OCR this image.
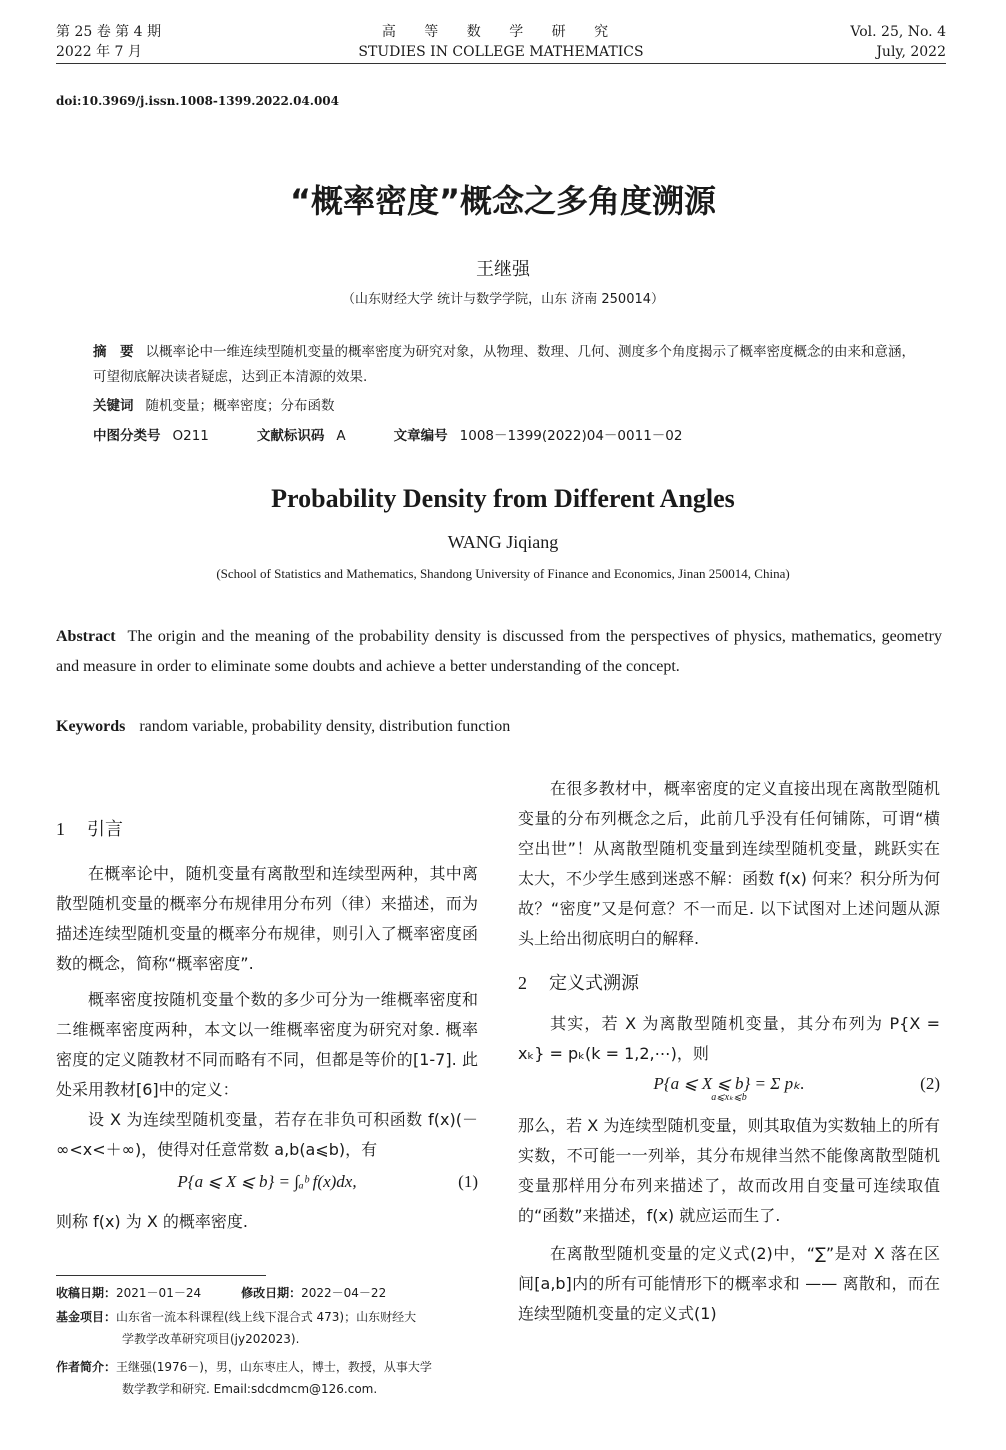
第 25 卷 第 4 期
2022 年 7 月
高 等 数 学 研 究
STUDIES IN COLLEGE MATHEMATICS
Vol. 25, No. 4
July, 2022
doi:10.3969/j.issn.1008-1399.2022.04.004
“概率密度”概念之多角度溯源
王继强
（山东财经大学 统计与数学学院，山东 济南 250014）
摘　要 以概率论中一维连续型随机变量的概率密度为研究对象，从物理、数理、几何、测度多个角度揭示了概率密度概念的由来和意涵，可望彻底解决读者疑虑，达到正本清源的效果.
关键词 随机变量；概率密度；分布函数
中图分类号 O211	文献标识码 A	文章编号 1008－1399(2022)04－0011－02
Probability Density from Different Angles
WANG Jiqiang
(School of Statistics and Mathematics, Shandong University of Finance and Economics, Jinan 250014, China)
Abstract The origin and the meaning of the probability density is discussed from the perspectives of physics, mathematics, geometry and measure in order to eliminate some doubts and achieve a better understanding of the concept.
Keywords random variable, probability density, distribution function
1 引言

在概率论中，随机变量有离散型和连续型两种，其中离散型随机变量的概率分布规律用分布列（律）来描述，而为描述连续型随机变量的概率分布规律，则引入了概率密度函数的概念，简称“概率密度”.

概率密度按随机变量个数的多少可分为一维概率密度和二维概率密度两种，本文以一维概率密度为研究对象. 概率密度的定义随教材不同而略有不同，但都是等价的[1-7]. 此处采用教材[6]中的定义：

设 X 为连续型随机变量，若存在非负可积函数 f(x)(－∞<x<＋∞)，使得对任意常数 a,b(a⩽b)，有

P{a ⩽ X ⩽ b} = ∫ₐᵇ f(x)dx,	(1)

则称 f(x) 为 X 的概率密度.

收稿日期：2021－01－24	修改日期：2022－04－22
基金项目：山东省一流本科课程(线上线下混合式 473)；山东财经大
学教学改革研究项目(jy202023).
作者简介：王继强(1976－)，男，山东枣庄人，博士，教授，从事大学
数学教学和研究. Email:sdcdmcm@126.com.

在很多教材中，概率密度的定义直接出现在离散型随机变量的分布列概念之后，此前几乎没有任何铺陈，可谓“横空出世”！从离散型随机变量到连续型随机变量，跳跃实在太大，不少学生感到迷惑不解：函数 f(x) 何来？积分所为何故？“密度”又是何意？不一而足. 以下试图对上述问题从源头上给出彻底明白的解释.

2 定义式溯源

其实，若 X 为离散型随机变量，其分布列为 P{X = xₖ} = pₖ(k = 1,2,⋯)，则

P{a ⩽ X ⩽ b} = Σ pₖ.
a⩽xₖ⩽b
(2)

那么，若 X 为连续型随机变量，则其取值为实数轴上的所有实数，不可能一一列举，其分布规律当然不能像离散型随机变量那样用分布列来描述了，故而改用自变量可连续取值的“函数”来描述，f(x) 就应运而生了.

在离散型随机变量的定义式(2)中，“∑”是对 X 落在区间[a,b]内的所有可能情形下的概率求和 —— 离散和，而在连续型随机变量的定义式(1)
